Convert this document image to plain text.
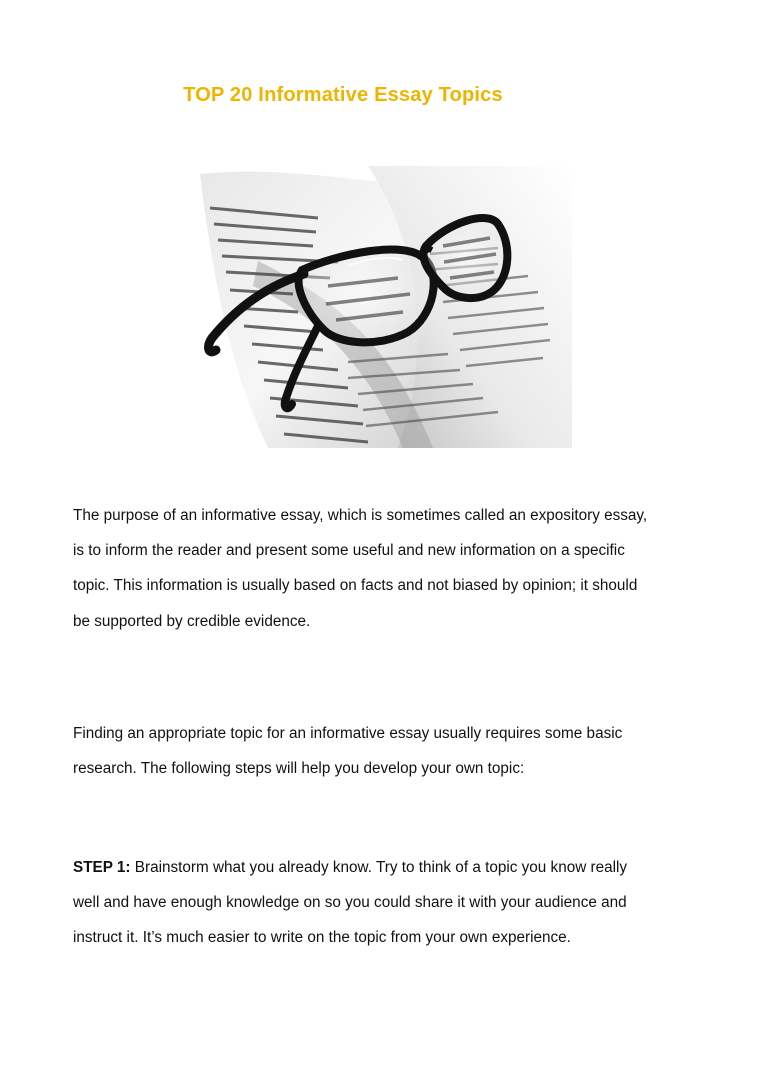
TOP 20 Informative Essay Topics
The purpose of an informative essay, which is sometimes called an expository essay,
is to inform the reader and present some useful and new information on a specific
topic. This information is usually based on facts and not biased by opinion; it should
be supported by credible evidence.
Finding an appropriate topic for an informative essay usually requires some basic
research. The following steps will help you develop your own topic:
STEP 1: Brainstorm what you already know. Try to think of a topic you know really
well and have enough knowledge on so you could share it with your audience and
instruct it. It’s much easier to write on the topic from your own experience.
